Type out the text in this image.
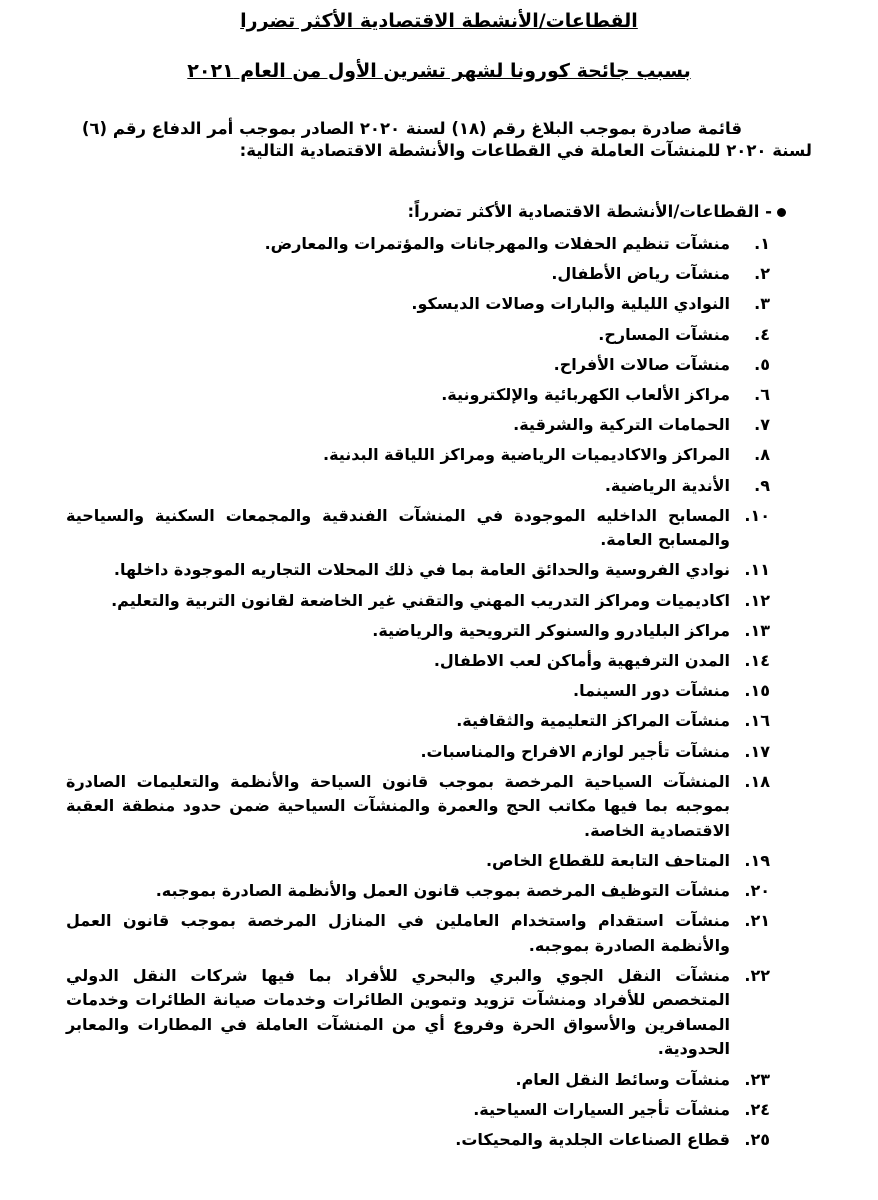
القطاعات/الأنشطة الاقتصادية الأكثر تضررا
بسبب جائحة كورونا لشهر تشرين الأول من العام ٢٠٢١
قائمة صادرة بموجب البلاغ رقم (١٨) لسنة ٢٠٢٠ الصادر بموجب أمر الدفاع رقم (٦)
لسنة ٢٠٢٠ للمنشآت العاملة في القطاعات والأنشطة الاقتصادية التالية:
- القطاعات/الأنشطة الاقتصادية الأكثر تضرراً:
١.
منشآت تنظيم الحفلات والمهرجانات والمؤتمرات والمعارض.
٢.
منشآت رياض الأطفال.
٣.
النوادي الليلية والبارات وصالات الديسكو.
٤.
منشآت المسارح.
٥.
منشآت صالات الأفراح.
٦.
مراكز الألعاب الكهربائية والإلكترونية.
٧.
الحمامات التركية والشرقية.
٨.
المراكز والاكاديميات الرياضية ومراكز اللياقة البدنية.
٩.
الأندية الرياضية.
١٠.
المسابح الداخليه الموجودة في المنشآت الفندقية والمجمعات السكنية والسياحية والمسابح العامة.
١١.
نوادي الفروسية والحدائق العامة بما في ذلك المحلات التجاريه الموجودة داخلها.
١٢.
اكاديميات ومراكز التدريب المهني والتقني غير الخاضعة لقانون التربية والتعليم.
١٣.
مراكز البليادرو والسنوكر الترويحية والرياضية.
١٤.
المدن الترفيهية وأماكن لعب الاطفال.
١٥.
منشآت دور السينما.
١٦.
منشآت المراكز التعليمية والثقافية.
١٧.
منشآت تأجير لوازم الافراح والمناسبات.
١٨.
المنشآت السياحية المرخصة بموجب قانون السياحة والأنظمة والتعليمات الصادرة بموجبه بما فيها مكاتب الحج والعمرة والمنشآت السياحية ضمن حدود منطقة العقبة الاقتصادية الخاصة.
١٩.
المتاحف التابعة للقطاع الخاص.
٢٠.
منشآت التوظيف المرخصة بموجب قانون العمل والأنظمة الصادرة بموجبه.
٢١.
منشآت استقدام واستخدام العاملين في المنازل المرخصة بموجب قانون العمل والأنظمة الصادرة بموجبه.
٢٢.
منشآت النقل الجوي والبري والبحري للأفراد بما فيها شركات النقل الدولي المتخصص للأفراد ومنشآت تزويد وتموين الطائرات وخدمات صيانة الطائرات وخدمات المسافرين والأسواق الحرة وفروع أي من المنشآت العاملة في المطارات والمعابر الحدودية.
٢٣.
منشآت وسائط النقل العام.
٢٤.
منشآت تأجير السيارات السياحية.
٢٥.
قطاع الصناعات الجلدية والمحيكات.
